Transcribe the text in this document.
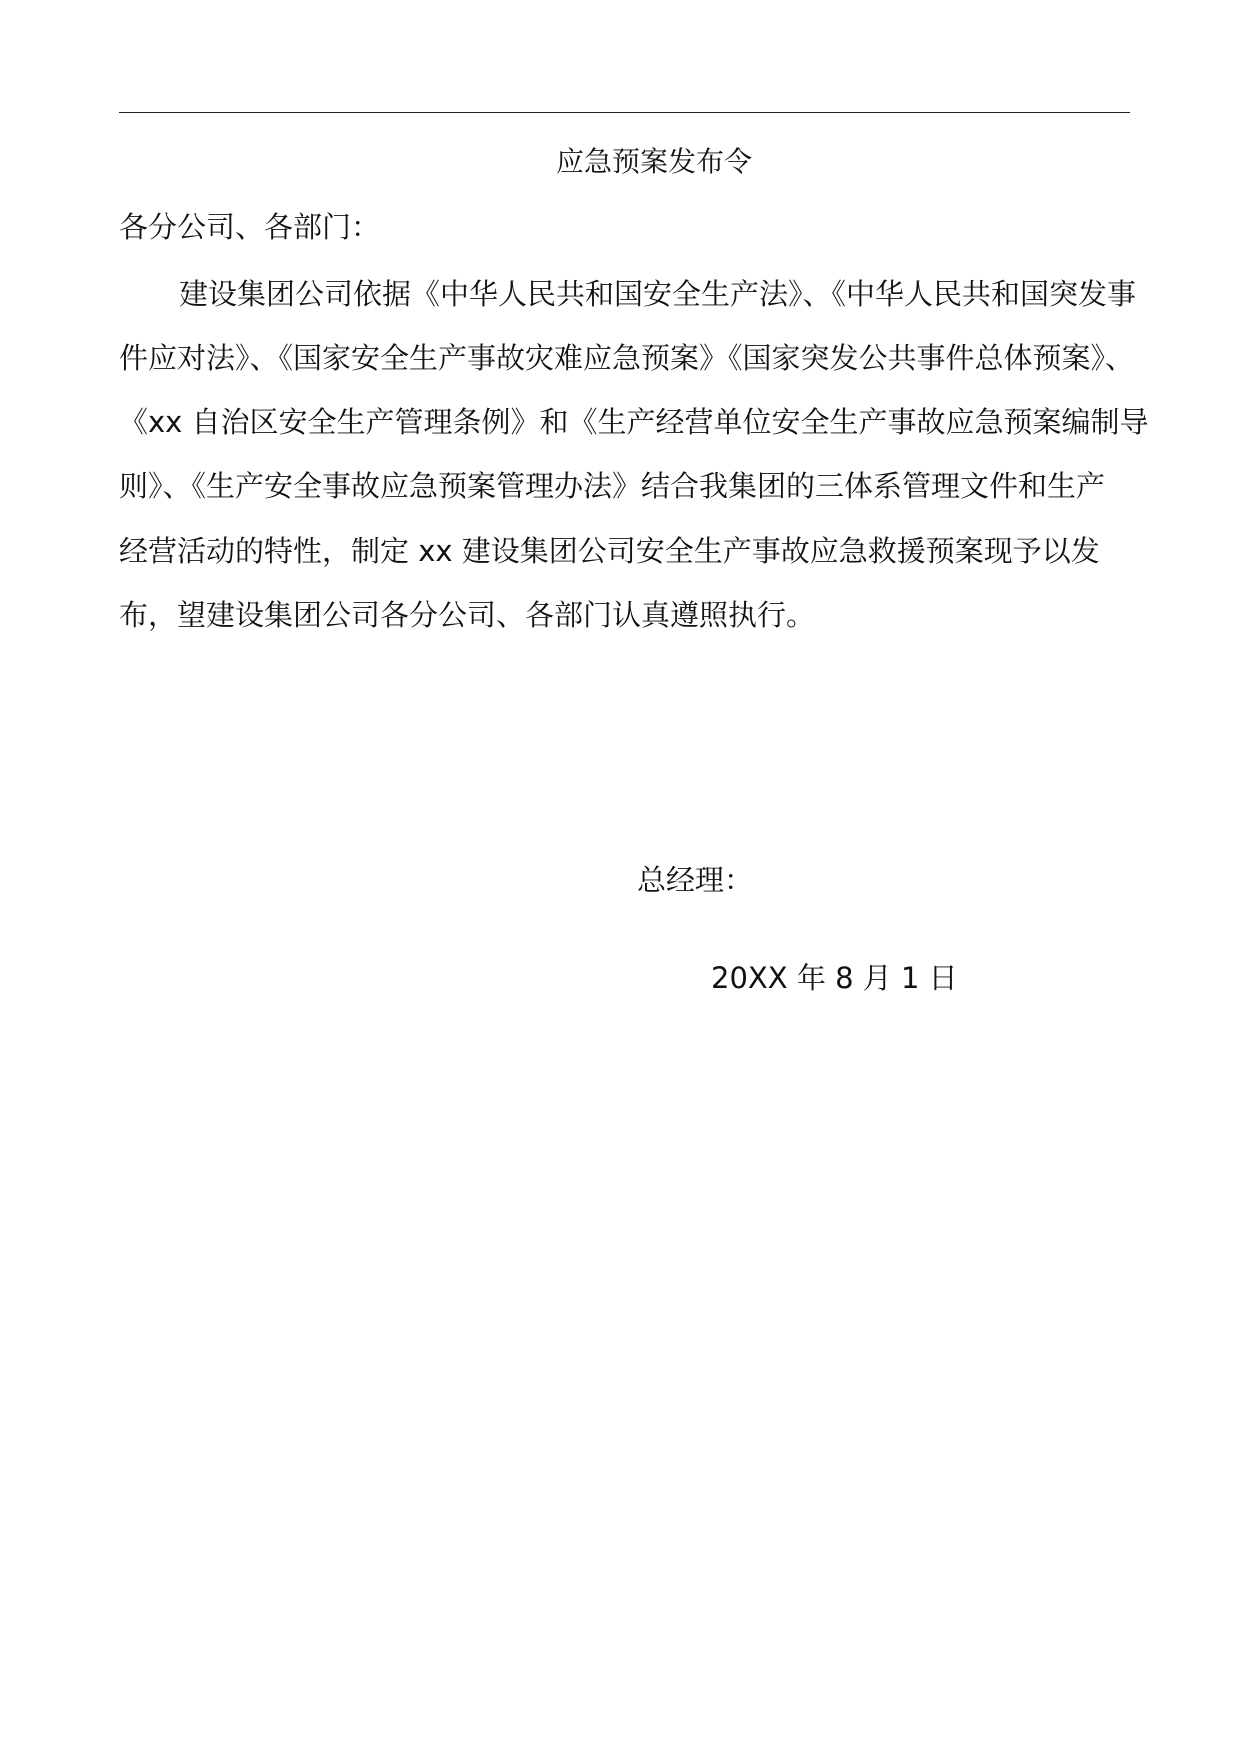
应急预案发布令
各分公司、各部门：
建设集团公司依据《中华人民共和国安全生产法》、《中华人民共和国突发事
件应对法》、《国家安全生产事故灾难应急预案》《国家突发公共事件总体预案》、
《xx 自治区安全生产管理条例》和《生产经营单位安全生产事故应急预案编制导
则》、《生产安全事故应急预案管理办法》结合我集团的三体系管理文件和生产
经营活动的特性，制定 xx 建设集团公司安全生产事故应急救援预案现予以发
布，望建设集团公司各分公司、各部门认真遵照执行。
总经理：
20XX 年 8 月 1 日
